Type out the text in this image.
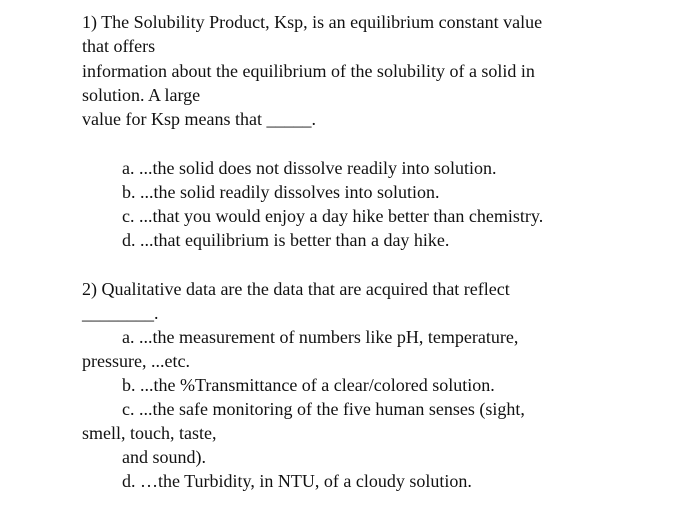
1) The Solubility Product, Ksp, is an equilibrium constant value
that offers
information about the equilibrium of the solubility of a solid in
solution. A large
value for Ksp means that _____.
a. ...the solid does not dissolve readily into solution.
b. ...the solid readily dissolves into solution.
c. ...that you would enjoy a day hike better than chemistry.
d. ...that equilibrium is better than a day hike.
2) Qualitative data are the data that are acquired that reflect
________.
a. ...the measurement of numbers like pH, temperature,
pressure, ...etc.
b. ...the %Transmittance of a clear/colored solution.
c. ...the safe monitoring of the five human senses (sight,
smell, touch, taste,
and sound).
d. …the Turbidity, in NTU, of a cloudy solution.
